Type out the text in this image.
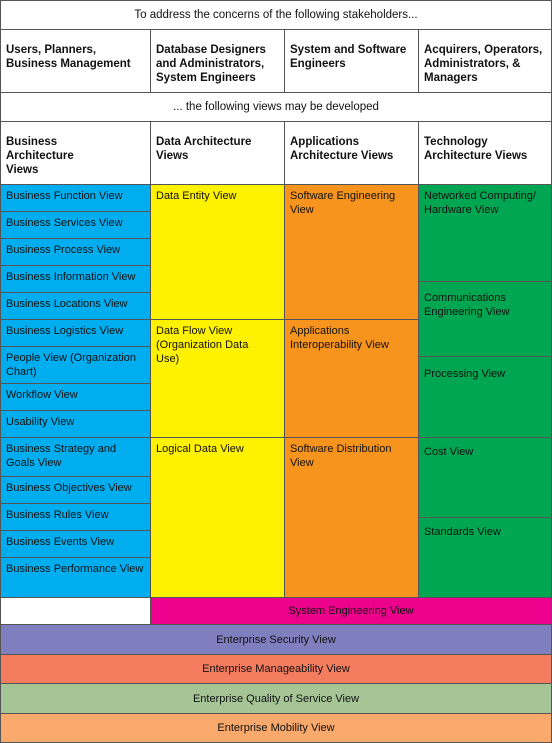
To address the concerns of the following stakeholders...
Users, Planners, Business Management
Database Designers and Administrators, System Engineers
System and Software Engineers
Acquirers, Operators, Administrators, & Managers
... the following views may be developed
Business Architecture Views
Data Architecture Views
Applications Architecture Views
Technology Architecture Views
Business Function View
Business Services View
Business Process View
Business Information View
Business Locations View
Business Logistics View
People View (Organization Chart)
Workflow View
Usability View
Business Strategy and Goals View
Business Objectives View
Business Rules View
Business Events View
Business Performance View
Data Entity View
Data Flow View (Organization Data Use)
Logical Data View
Software Engineering View
Applications Interoperability View
Software Distribution View
Networked Computing/ Hardware View
Communications Engineering View
Processing View
Cost View
Standards View
System Engineering View
Enterprise Security View
Enterprise Manageability View
Enterprise Quality of Service View
Enterprise Mobility View
